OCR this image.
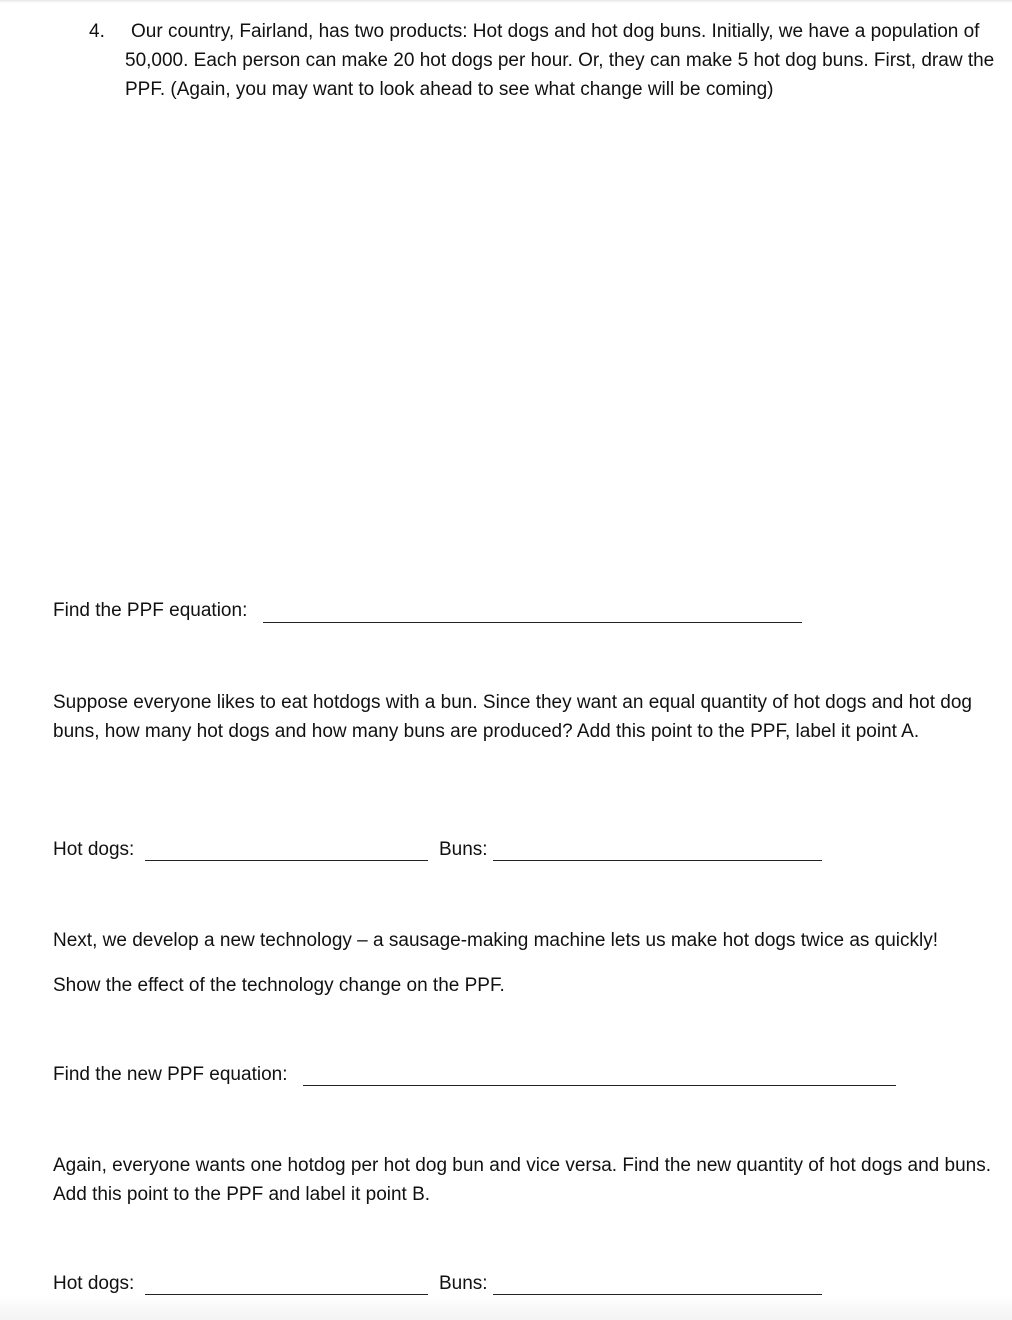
4.	Our country, Fairland, has two products: Hot dogs and hot dog buns. Initially, we have a population of 50,000. Each person can make 20 hot dogs per hour. Or, they can make 5 hot dog buns. First, draw the PPF. (Again, you may want to look ahead to see what change will be coming)
Find the PPF equation:
Suppose everyone likes to eat hotdogs with a bun. Since they want an equal quantity of hot dogs and hot dog buns, how many hot dogs and how many buns are produced? Add this point to the PPF, label it point A.
Hot dogs:	Buns:
Next, we develop a new technology – a sausage-making machine lets us make hot dogs twice as quickly!
Show the effect of the technology change on the PPF.
Find the new PPF equation:
Again, everyone wants one hotdog per hot dog bun and vice versa. Find the new quantity of hot dogs and buns. Add this point to the PPF and label it point B.
Hot dogs:	Buns:
